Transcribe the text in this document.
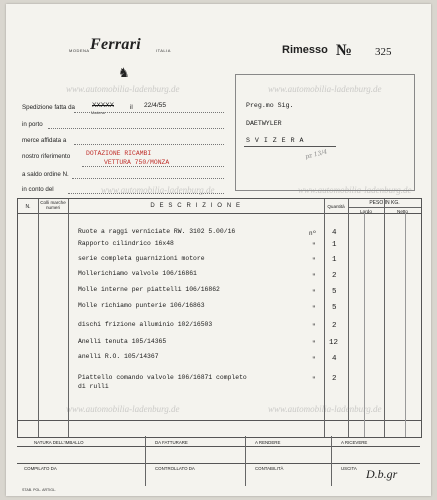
MODENA Ferrari	ITALIA
♞
Rimesso № 325
www.automobilia-ladenburg.de	www.automobilia-ladenburg.de
www.automobilia-ladenburg.de	www.automobilia-ladenburg.de
www.automobilia-ladenburg.de	www.automobilia-ladenburg.de
Spedizione fatta da	XXXXX
Modena
il 22/4/55
in porto
merce affidata a
nostro riferimento DOTAZIONE RICAMBI
VETTURA 750/MONZA
a saldo ordine N.
in conto del
Preg.mo Sig.
DAETWYLER
S V I Z E R A
pz 13/4
N.
Colli marche numeri	D E S C R I Z I O N E	Quantità
PESO IN KG.
Lordo	Netto
Ruote a raggi verniciate RW. 3102 5.00/16	nº 4
Rapporto cilindrico 16x48	" 1
serie completa guarnizioni motore	" 1
Mollerichiamo valvole 106/16861	" 2
Molle interne per piattelli 106/16862	" 5
Molle richiamo punterie 106/16863	" 5
dischi frizione alluminio 102/16503	" 2
Anelli tenuta 105/14365	" 12
anelli R.O. 105/14367	" 4
Piattello comando valvole 106/16871 completo	" 2
di rulli
NATURA DELL'IMBALLO	DA FATTURARE	A RENDERE	A RICEVERE
COMPILATO DA	CONTROLLATO DA	CONTABILITÀ	USCITA D.b.gr
STAB. POL. ARTIGL.
